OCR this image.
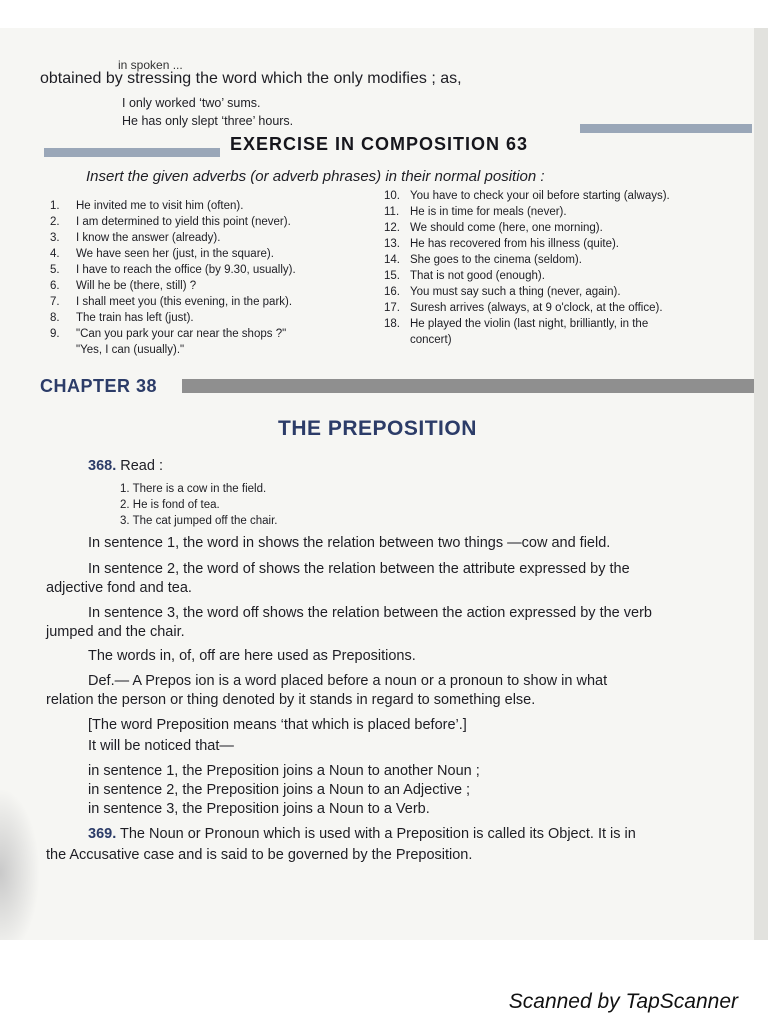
in spoken ...
obtained by stressing the word which the only modifies ; as,
I only worked ‘two’ sums.
He has only slept ‘three’ hours.
EXERCISE IN COMPOSITION 63
Insert the given adverbs (or adverb phrases) in their normal position :
1. He invited me to visit him (often).
2. I am determined to yield this point (never).
3. I know the answer (already).
4. We have seen her (just, in the square).
5. I have to reach the office (by 9.30, usually).
6. Will he be (there, still) ?
7. I shall meet you (this evening, in the park).
8. The train has left (just).
9. "Can you park your car near the shops ?"
"Yes, I can (usually)."
10. You have to check your oil before starting (always).
11. He is in time for meals (never).
12. We should come (here, one morning).
13. He has recovered from his illness (quite).
14. She goes to the cinema (seldom).
15. That is not good (enough).
16. You must say such a thing (never, again).
17. Suresh arrives (always, at 9 o'clock, at the office).
18. He played the violin (last night, brilliantly, in the
concert)
CHAPTER 38
THE PREPOSITION
368. Read :
1. There is a cow in the field.
2. He is fond of tea.
3. The cat jumped off the chair.
In sentence 1, the word in shows the relation between two things —cow and field.
In sentence 2, the word of shows the relation between the attribute expressed by the
adjective fond and tea.
In sentence 3, the word off shows the relation between the action expressed by the verb
jumped and the chair.
The words in, of, off are here used as Prepositions.
Def.— A Prepos ion is a word placed before a noun or a pronoun to show in what
relation the person or thing denoted by it stands in regard to something else.
[The word Preposition means ‘that which is placed before’.]
It will be noticed that—
in sentence 1, the Preposition joins a Noun to another Noun ;
in sentence 2, the Preposition joins a Noun to an Adjective ;
in sentence 3, the Preposition joins a Noun to a Verb.
369. The Noun or Pronoun which is used with a Preposition is called its Object. It is in
the Accusative case and is said to be governed by the Preposition.
Scanned by TapScanner
